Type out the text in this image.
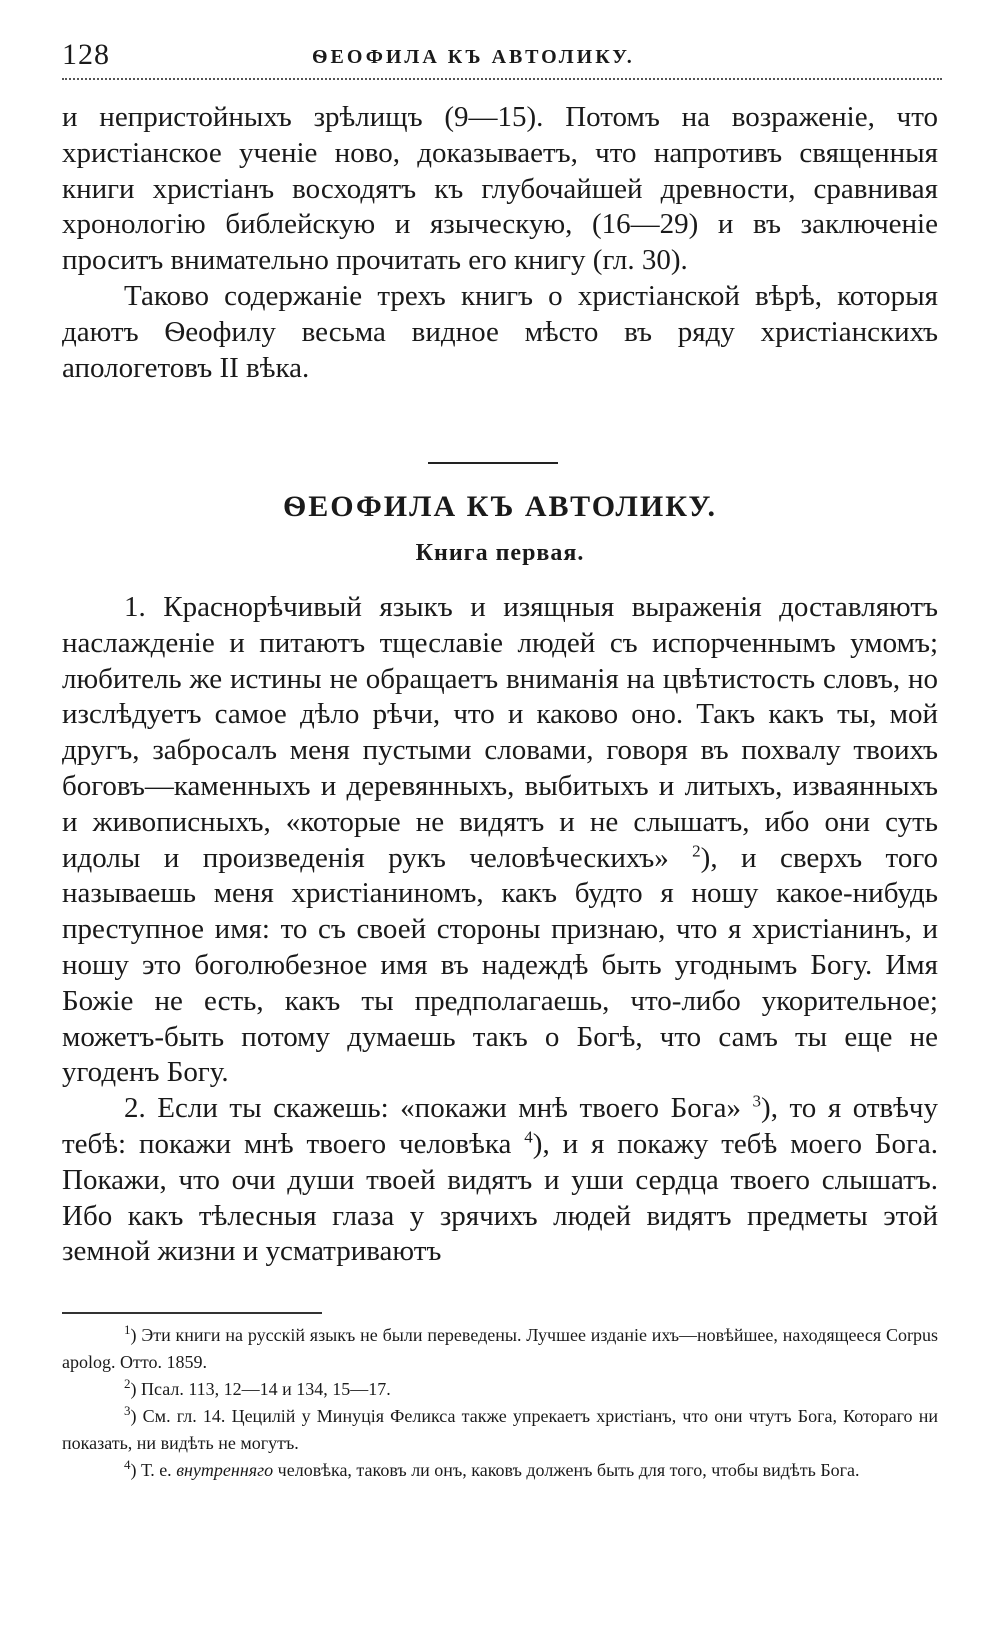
128	ѲЕОФИЛА КЪ АВТОЛИКУ.

и непристойныхъ зрѣлищъ (9—15). Потомъ на возраженіе, что христіанское ученіе ново, доказываетъ, что напротивъ священныя книги христіанъ восходятъ къ глубочайшей древности, сравнивая хронологію библейскую и языческую, (16—29) и въ заключеніе проситъ внимательно прочитать его книгу (гл. 30).

Таково содержаніе трехъ книгъ о христіанской вѣрѣ, которыя даютъ Ѳеофилу весьма видное мѣсто въ ряду христіанскихъ апологетовъ II вѣка.

ѲЕОФИЛА КЪ АВТОЛИКУ.
Книга первая.

1. Краснорѣчивый языкъ и изящныя выраженія доставляютъ наслажденіе и питаютъ тщеславіе людей съ испорченнымъ умомъ; любитель же истины не обращаетъ вниманія на цвѣтистость словъ, но изслѣдуетъ самое дѣло рѣчи, что и каково оно. Такъ какъ ты, мой другъ, забросалъ меня пустыми словами, говоря въ похвалу твоихъ боговъ—каменныхъ и деревянныхъ, выбитыхъ и литыхъ, изваянныхъ и живописныхъ, «которые не видятъ и не слышатъ, ибо они суть идолы и произведенія рукъ человѣческихъ» $^2$), и сверхъ того называешь меня христіаниномъ, какъ будто я ношу какое-нибудь преступное имя: то съ своей стороны признаю, что я христіанинъ, и ношу это боголюбезное имя въ надеждѣ быть угоднымъ Богу. Имя Божіе не есть, какъ ты предполагаешь, что-либо укорительное; можетъ-быть потому думаешь такъ о Богѣ, что самъ ты еще не угоденъ Богу.

2. Если ты скажешь: «покажи мнѣ твоего Бога» $^3$), то я отвѣчу тебѣ: покажи мнѣ твоего человѣка $^4$), и я покажу тебѣ моего Бога. Покажи, что очи души твоей видятъ и уши сердца твоего слышатъ. Ибо какъ тѣлесныя глаза у зрячихъ людей видятъ предметы этой земной жизни и усматриваютъ

$^1$) Эти книги на русскій языкъ не были переведены. Лучшее изданіе ихъ—новѣйшее, находящееся Corpus apolog. Отто. 1859.

$^2$) Псал. 113, 12—14 и 134, 15—17.

$^3$) См. гл. 14. Цецилій у Минуція Феликса также упрекаетъ христіанъ, что они чтутъ Бога, Котораго ни показать, ни видѣть не могутъ.

$^4$) Т. е. внутренняго человѣка, таковъ ли онъ, каковъ долженъ быть для того, чтобы видѣть Бога.
